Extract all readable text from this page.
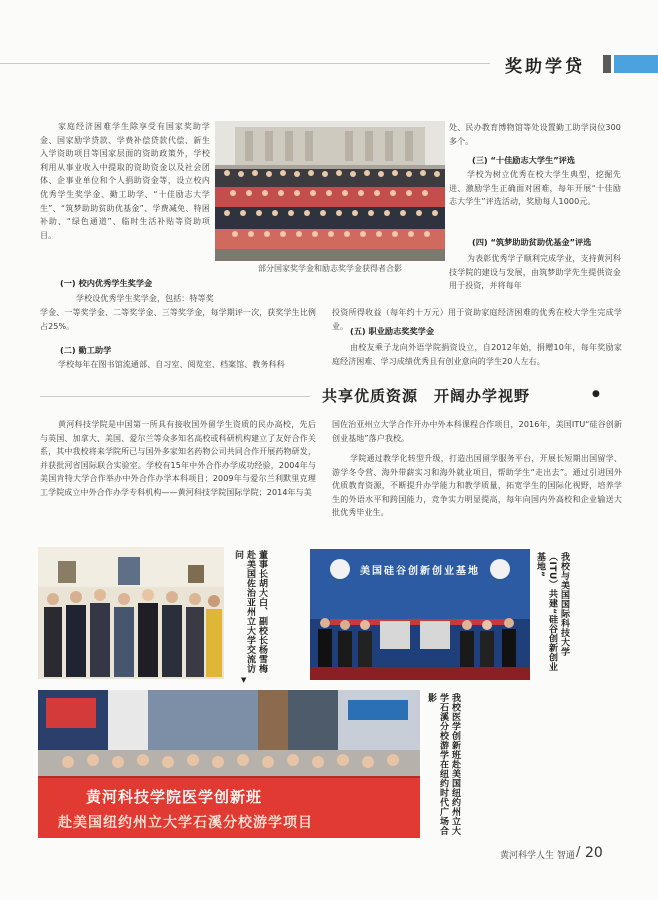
奖助学贷
家庭经济困难学生除享受有国家奖助学金、国家励学贷款、学费补偿贷款代偿、新生入学资助项目等国家层面的资助政策外，学校利用从事业收入中提取的资助资金以及社会团体、企事业单位和个人捐助资金等，设立校内优秀学生奖学金、勤工助学、“十佳励志大学生”、“筑梦助助贫助优基金”、学费减免、特困补助、“绿色通道”、临时生活补贴等资助项目。
部分国家奖学金和励志奖学金获得者合影
(一) 校内优秀学生奖学金
学校设优秀学生奖学金，包括：特等奖
学金、一等奖学金、二等奖学金、三等奖学金，每学期评一次，获奖学生比例占25%。
(二) 勤工助学
学校每年在图书馆流通部、自习室、阅览室、档案馆、教务科科
处、民办教育博物馆等处设置勤工助学岗位300多个。
(三) “十佳励志大学生”评选
学校为树立优秀在校大学生典型，挖掘先进、激励学生正确面对困难，每年开展“十佳励志大学生”评选活动，奖励每人1000元。
(四) “筑梦助助贫助优基金”评选
为表彰优秀学子顺利完成学业，支持黄河科技学院的建设与发展，由筑梦助学先生提供资金用于投资，并将每年
投资所得收益（每年约十万元）用于资助家庭经济困难的优秀在校大学生完成学业。 (五) 职业励志奖奖学金
由校友乘子龙向外语学院捐资设立，自2012年始，捐赠10年，每年奖励家庭经济困难、学习成绩优秀且有创业意向的学生20人左右。
共享优质资源　开阔办学视野	●
黄河科技学院是中国第一所具有接收国外留学生资质的民办高校，先后与英国、加拿大、美国、爱尔兰等众多知名高校或科研机构建立了友好合作关系，其中我校将来学院所已与国外多家知名药物公司共同合作开展药物研发，并获批河省国际联合实验室。学校有15年中外合作办学成功经验，2004年与美国肯特大学合作举办中外合作办学本科项目；2009年与爱尔兰利默里克理工学院成立中外合作办学专科机构——黄河科技学院国际学院；2014年与美
国佐治亚州立大学合作开办中外本科课程合作项目，2016年，美国ITU“硅谷创新创业基地”落户我校。
学院通过教学化转型升级，打造出国留学服务平台，开展长短期出国留学、游学冬令营、海外带薪实习和海外就业项目，帮助学生“走出去”。通过引进国外优质教育资源，不断提升办学能力和教学质量，拓宽学生的国际化视野，培养学生的外语水平和跨国能力，竞争实力明显提高，每年向国内外高校和企业输送大批优秀毕业生。
董事长胡大白、副校长杨雪梅赴美国佐治亚州立大学交流访问
▼
美国硅谷创新创业基地	我校与美国国际科技大学（ITU）共建“硅谷创新创业基地”
黄河科技学院医学创新班
赴美国纽约州立大学石溪分校游学项目	我校医学创新班赴美国纽约州立大学石溪分校游学在纽约时代广场合影
黄河科学人生 智通 / 20
